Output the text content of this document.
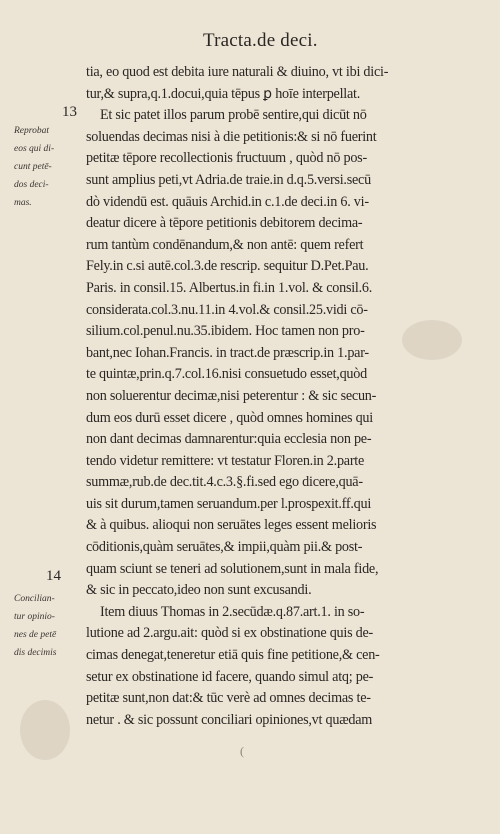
Tracta.de deci.
tia, eo quod est debita iure naturali & diuino, vt ibi dici-
tur,& supra,q.1.docui,quia tēpus ꝑ hoīe interpellat.
Et sic patet illos parum probē sentire,qui dicūt nō
soluendas decimas nisi à die petitionis:& si nō fuerint
petitæ tēpore recollectionis fructuum , quòd nō pos-
sunt amplius peti,vt Adria.de traie.in d.q.5.versi.secū
dò videndū est. quāuis Archid.in c.1.de deci.in 6. vi-
deatur dicere à tēpore petitionis debitorem decima-
rum tantùm condēnandum,& non antē: quem refert
Fely.in c.si autē.col.3.de rescrip. sequitur D.Pet.Pau.
Paris. in consil.15. Albertus.in fi.in 1.vol. & consil.6.
considerata.col.3.nu.11.in 4.vol.& consil.25.vidi cō-
silium.col.penul.nu.35.ibidem. Hoc tamen non pro-
bant,nec Iohan.Francis. in tract.de præscrip.in 1.par-
te quintæ,prin.q.7.col.16.nisi consuetudo esset,quòd
non soluerentur decimæ,nisi peterentur : & sic secun-
dum eos durū esset dicere , quòd omnes homines qui
non dant decimas damnarentur:quia ecclesia non pe-
tendo videtur remittere: vt testatur Floren.in 2.parte
summæ,rub.de dec.tit.4.c.3.§.fi.sed ego dicere,quā-
uis sit durum,tamen seruandum.per l.prospexit.ff.qui
& à quibus. alioqui non seruātes leges essent melioris
cōditionis,quàm seruātes,& impii,quàm pii.& post-
quam sciunt se teneri ad solutionem,sunt in mala fide,
& sic in peccato,ideo non sunt excusandi.
Item diuus Thomas in 2.secūdæ.q.87.art.1. in so-
lutione ad 2.argu.ait: quòd si ex obstinatione quis de-
cimas denegat,teneretur etiā quis fine petitione,& cen-
setur ex obstinatione id facere, quando simul atq; pe-
petitæ sunt,non dat:& tūc verè ad omnes decimas te-
netur . & sic possunt conciliari opiniones,vt quædam
13
Reprobat
eos qui di-
cunt petē-
dos deci-
mas.
14
Concilian-
tur opinio-
nes de petē
dis decimis
(
